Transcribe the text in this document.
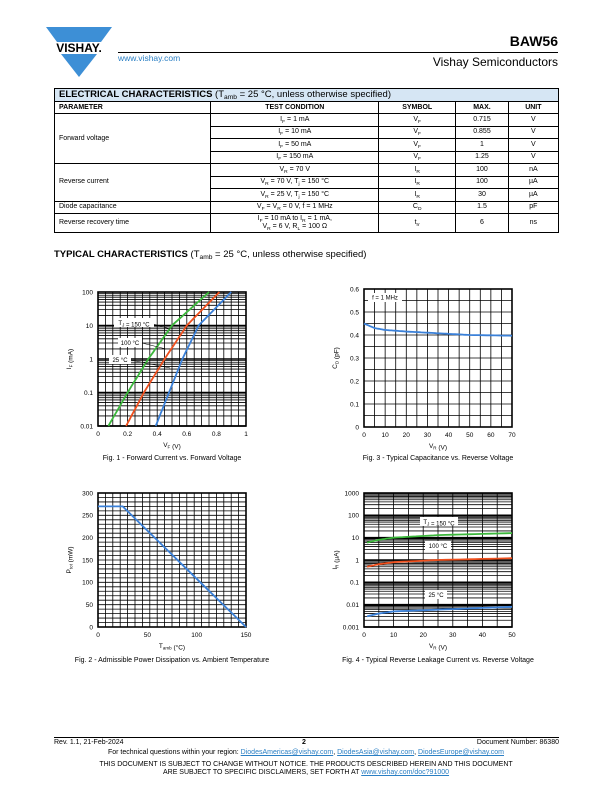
VISHAY.	BAW56
www.vishay.com	Vishay Semiconductors
ELECTRICAL CHARACTERISTICS ($T_{amb} = 25$ °C, unless otherwise specified)				
PARAMETER	TEST CONDITION	SYMBOL	MAX.	UNIT
Forward voltage	$I_F = 1$ mA	$V_F$	0.715	V
	$I_F = 10$ mA	$V_F$	0.855	V
	$I_F = 50$ mA	$V_F$	1	V
	$I_F = 150$ mA	$V_F$	1.25	V
Reverse current	$V_R = 70$ V	$I_R$	100	nA
	$V_R = 70$ V, $T_j = 150$ °C	$I_R$	100	µA
	$V_R = 25$ V, $T_j = 150$ °C	$I_R$	30	µA
Diode capacitance	$V_F = V_R = 0$ V, f = 1 MHz	$C_D$	1.5	pF
Reverse recovery time	$I_F = 10$ mA to $I_R = 1$ mA,
$V_R = 6$ V, $R_L = 100$ Ω	$t_{rr}$	6	ns
TYPICAL CHARACTERISTICS ($T_{amb} = 25$ °C, unless otherwise specified)
0	0.2	0.4	0.6	0.8	1
0.01
0.1
1
10
100
$V_F$ (V)
$I_F$ (mA)
$T_J = 150$ °C
100 °C
25 °C
0 10 20 30 40 50 60 70
0
0.1
0.2
0.3
0.4
0.5
0.6
$V_R$ (V)
$C_D$ (pF)
f = 1 MHz
0	50	100	150
0
50
100
150
200
250
300
$T_{amb}$ (°C)
$P_{tot}$ (mW)
0	10	20	30	40	50
0.001
0.01
0.1
1
10
100
1000
$V_R$ (V)
$I_R$ (µA)
$T_J = 150$ °C
100 °C
25 °C
Fig. 1 - Forward Current vs. Forward Voltage	Fig. 3 - Typical Capacitance vs. Reverse Voltage
Fig. 2 - Admissible Power Dissipation vs. Ambient Temperature	Fig. 4 - Typical Reverse Leakage Current vs. Reverse Voltage
Rev. 1.1, 21-Feb-2024	2	Document Number: 86380
For technical questions within your region: DiodesAmericas@vishay.com, DiodesAsia@vishay.com, DiodesEurope@vishay.com
THIS DOCUMENT IS SUBJECT TO CHANGE WITHOUT NOTICE. THE PRODUCTS DESCRIBED HEREIN AND THIS DOCUMENT
ARE SUBJECT TO SPECIFIC DISCLAIMERS, SET FORTH AT www.vishay.com/doc?91000
